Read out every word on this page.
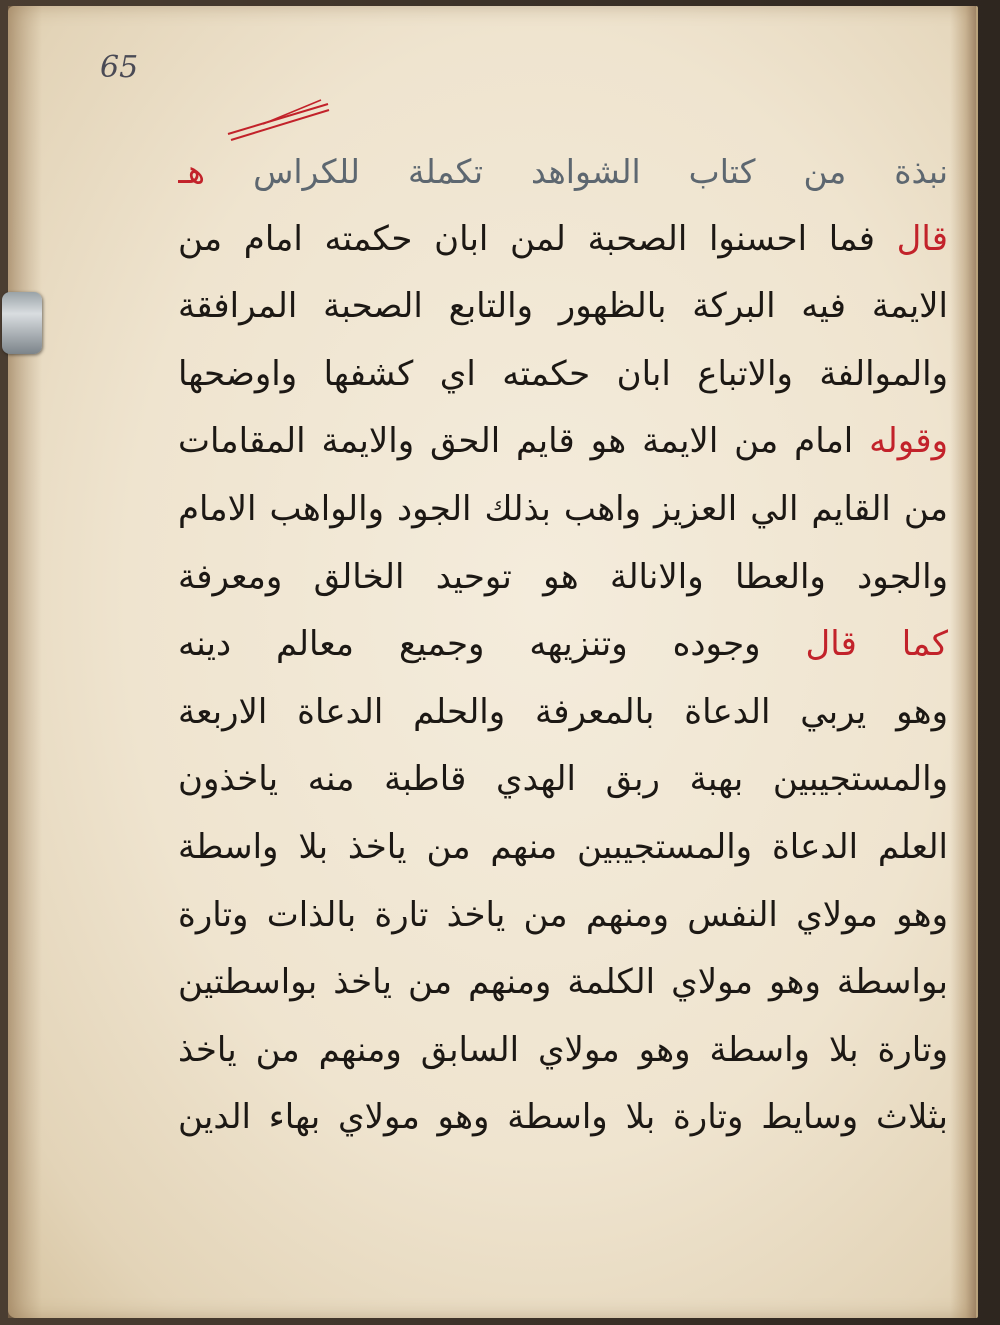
65
نبذة من كتاب الشواهد تكملة للكراس هـ
قال فما احسنوا الصحبة لمن ابان حكمته امام من
الايمة فيه البركة بالظهور والتابع الصحبة المرافقة
والموالفة والاتباع ابان حكمته اي كشفها واوضحها
وقوله امام من الايمة هو قايم الحق والايمة المقامات
من القايم الي العزيز واهب بذلك الجود والواهب الامام
والجود والعطا والانالة هو توحيد الخالق ومعرفة
كما قال وجوده وتنزيهه وجميع معالم دينه
وهو يربي الدعاة بالمعرفة والحلم الدعاة الاربعة
والمستجيبين بهبة ربق الهدي قاطبة منه ياخذون
العلم الدعاة والمستجيبين منهم من ياخذ بلا واسطة
وهو مولاي النفس ومنهم من ياخذ تارة بالذات وتارة
بواسطة وهو مولاي الكلمة ومنهم من ياخذ بواسطتين
وتارة بلا واسطة وهو مولاي السابق ومنهم من ياخذ
بثلاث وسايط وتارة بلا واسطة وهو مولاي بهاء الدين
